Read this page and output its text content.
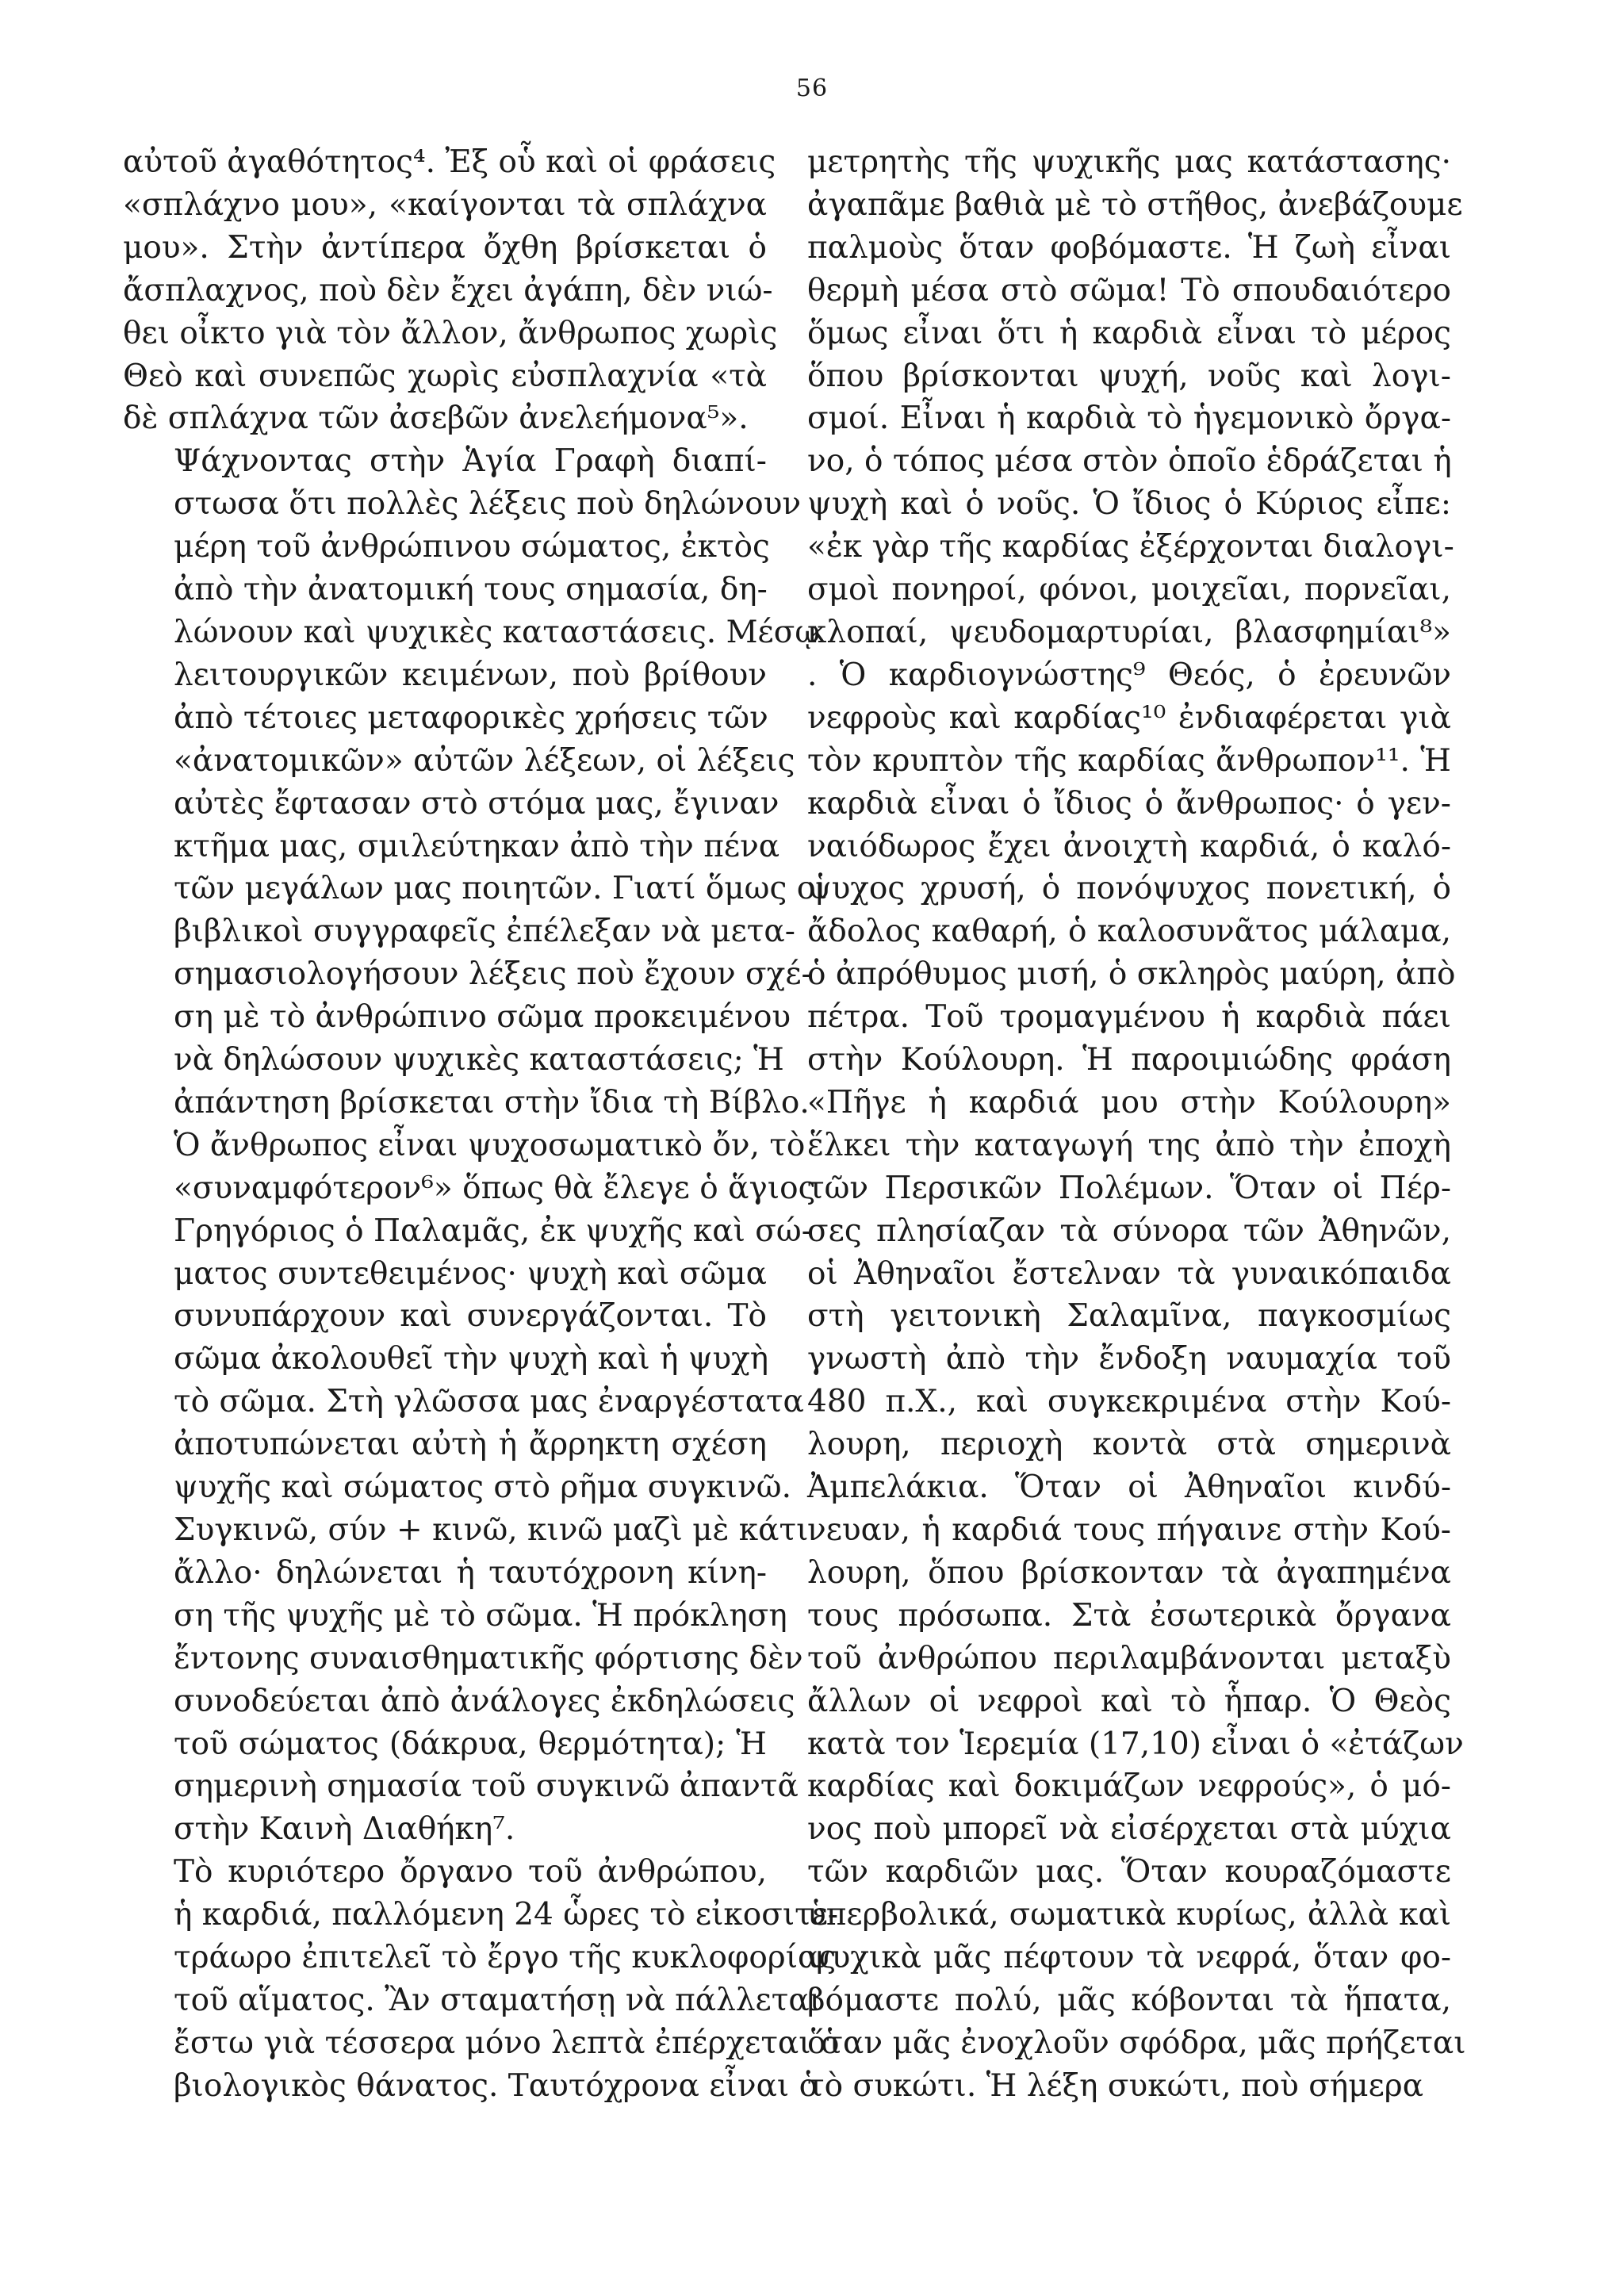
56

αὐτοῦ ἀγαθότητος⁴. Ἐξ οὗ καὶ οἱ φράσεις
«σπλάχνο μου», «καίγονται τὰ σπλάχνα
μου». Στὴν ἀντίπερα ὄχθη βρίσκεται ὁ
ἄσπλαχνος, ποὺ δὲν ἔχει ἀγάπη, δὲν νιώ-
θει οἶκτο γιὰ τὸν ἄλλον, ἄνθρωπος χωρὶς
Θεὸ καὶ συνεπῶς χωρὶς εὐσπλαχνία «τὰ
δὲ σπλάχνα τῶν ἀσεβῶν ἀνελεήμονα⁵».

Ψάχνοντας στὴν Ἁγία Γραφὴ διαπί-
στωσα ὅτι πολλὲς λέξεις ποὺ δηλώνουν
μέρη τοῦ ἀνθρώπινου σώματος, ἐκτὸς
ἀπὸ τὴν ἀνατομική τους σημασία, δη-
λώνουν καὶ ψυχικὲς καταστάσεις. Μέσῳ
λειτουργικῶν κειμένων, ποὺ βρίθουν
ἀπὸ τέτοιες μεταφορικὲς χρήσεις τῶν
«ἀνατομικῶν» αὐτῶν λέξεων, οἱ λέξεις
αὐτὲς ἔφτασαν στὸ στόμα μας, ἔγιναν
κτῆμα μας, σμιλεύτηκαν ἀπὸ τὴν πένα
τῶν μεγάλων μας ποιητῶν. Γιατί ὅμως οἱ
βιβλικοὶ συγγραφεῖς ἐπέλεξαν νὰ μετα-
σημασιολογήσουν λέξεις ποὺ ἔχουν σχέ-
ση μὲ τὸ ἀνθρώπινο σῶμα προκειμένου
νὰ δηλώσουν ψυχικὲς καταστάσεις; Ἡ
ἀπάντηση βρίσκεται στὴν ἴδια τὴ Βίβλο.
Ὁ ἄνθρωπος εἶναι ψυχοσωματικὸ ὄν, τὸ
«συναμφότερον⁶» ὅπως θὰ ἔλεγε ὁ ἅγιος
Γρηγόριος ὁ Παλαμᾶς, ἐκ ψυχῆς καὶ σώ-
ματος συντεθειμένος· ψυχὴ καὶ σῶμα
συνυπάρχουν καὶ συνεργάζονται. Τὸ
σῶμα ἀκολουθεῖ τὴν ψυχὴ καὶ ἡ ψυχὴ
τὸ σῶμα. Στὴ γλῶσσα μας ἐναργέστατα
ἀποτυπώνεται αὐτὴ ἡ ἄρρηκτη σχέση
ψυχῆς καὶ σώματος στὸ ρῆμα συγκινῶ.
Συγκινῶ, σύν + κινῶ, κινῶ μαζὶ μὲ κάτι
ἄλλο· δηλώνεται ἡ ταυτόχρονη κίνη-
ση τῆς ψυχῆς μὲ τὸ σῶμα. Ἡ πρόκληση
ἔντονης συναισθηματικῆς φόρτισης δὲν
συνοδεύεται ἀπὸ ἀνάλογες ἐκδηλώσεις
τοῦ σώματος (δάκρυα, θερμότητα); Ἡ
σημερινὴ σημασία τοῦ συγκινῶ ἀπαντᾶ
στὴν Καινὴ Διαθήκη⁷.

Τὸ κυριότερο ὄργανο τοῦ ἀνθρώπου,
ἡ καρδιά, παλλόμενη 24 ὧρες τὸ εἰκοσιτε-
τράωρο ἐπιτελεῖ τὸ ἔργο τῆς κυκλοφορίας
τοῦ αἵματος. Ἂν σταματήσῃ νὰ πάλλεται
ἔστω γιὰ τέσσερα μόνο λεπτὰ ἐπέρχεται ὁ
βιολογικὸς θάνατος. Ταυτόχρονα εἶναι ὁ

μετρητὴς τῆς ψυχικῆς μας κατάστασης·
ἀγαπᾶμε βαθιὰ μὲ τὸ στῆθος, ἀνεβάζουμε
παλμοὺς ὅταν φοβόμαστε. Ἡ ζωὴ εἶναι
θερμὴ μέσα στὸ σῶμα! Τὸ σπουδαιότερο
ὅμως εἶναι ὅτι ἡ καρδιὰ εἶναι τὸ μέρος
ὅπου βρίσκονται ψυχή, νοῦς καὶ λογι-
σμοί. Εἶναι ἡ καρδιὰ τὸ ἡγεμονικὸ ὄργα-
νο, ὁ τόπος μέσα στὸν ὁποῖο ἑδράζεται ἡ
ψυχὴ καὶ ὁ νοῦς. Ὁ ἴδιος ὁ Κύριος εἶπε:
«ἐκ γὰρ τῆς καρδίας ἐξέρχονται διαλογι-
σμοὶ πονηροί, φόνοι, μοιχεῖαι, πορνεῖαι,
κλοπαί, ψευδομαρτυρίαι, βλασφημίαι⁸»
. Ὁ καρδιογνώστης⁹ Θεός, ὁ ἐρευνῶν
νεφροὺς καὶ καρδίας¹⁰ ἐνδιαφέρεται γιὰ
τὸν κρυπτὸν τῆς καρδίας ἄνθρωπον¹¹. Ἡ
καρδιὰ εἶναι ὁ ἴδιος ὁ ἄνθρωπος· ὁ γεν-
ναιόδωρος ἔχει ἀνοιχτὴ καρδιά, ὁ καλό-
ψυχος χρυσή, ὁ πονόψυχος πονετική, ὁ
ἄδολος καθαρή, ὁ καλοσυνᾶτος μάλαμα,
ὁ ἀπρόθυμος μισή, ὁ σκληρὸς μαύρη, ἀπὸ
πέτρα. Τοῦ τρομαγμένου ἡ καρδιὰ πάει
στὴν Κούλουρη. Ἡ παροιμιώδης φράση
«Πῆγε ἡ καρδιά μου στὴν Κούλουρη»
ἕλκει τὴν καταγωγή της ἀπὸ τὴν ἐποχὴ
τῶν Περσικῶν Πολέμων. Ὅταν οἱ Πέρ-
σες πλησίαζαν τὰ σύνορα τῶν Ἀθηνῶν,
οἱ Ἀθηναῖοι ἔστελναν τὰ γυναικόπαιδα
στὴ γειτονικὴ Σαλαμῖνα, παγκοσμίως
γνωστὴ ἀπὸ τὴν ἔνδοξη ναυμαχία τοῦ
480 π.Χ., καὶ συγκεκριμένα στὴν Κού-
λουρη, περιοχὴ κοντὰ στὰ σημερινὰ
Ἀμπελάκια. Ὅταν οἱ Ἀθηναῖοι κινδύ-
νευαν, ἡ καρδιά τους πήγαινε στὴν Κού-
λουρη, ὅπου βρίσκονταν τὰ ἀγαπημένα
τους πρόσωπα. Στὰ ἐσωτερικὰ ὄργανα
τοῦ ἀνθρώπου περιλαμβάνονται μεταξὺ
ἄλλων οἱ νεφροὶ καὶ τὸ ἧπαρ. Ὁ Θεὸς
κατὰ τον Ἱερεμία (17,10) εἶναι ὁ «ἐτάζων
καρδίας καὶ δοκιμάζων νεφρούς», ὁ μό-
νος ποὺ μπορεῖ νὰ εἰσέρχεται στὰ μύχια
τῶν καρδιῶν μας. Ὅταν κουραζόμαστε
ὑπερβολικά, σωματικὰ κυρίως, ἀλλὰ καὶ
ψυχικὰ μᾶς πέφτουν τὰ νεφρά, ὅταν φο-
βόμαστε πολύ, μᾶς κόβονται τὰ ἥπατα,
ὅταν μᾶς ἐνοχλοῦν σφόδρα, μᾶς πρήζεται
τὸ συκώτι. Ἡ λέξη συκώτι, ποὺ σήμερα
